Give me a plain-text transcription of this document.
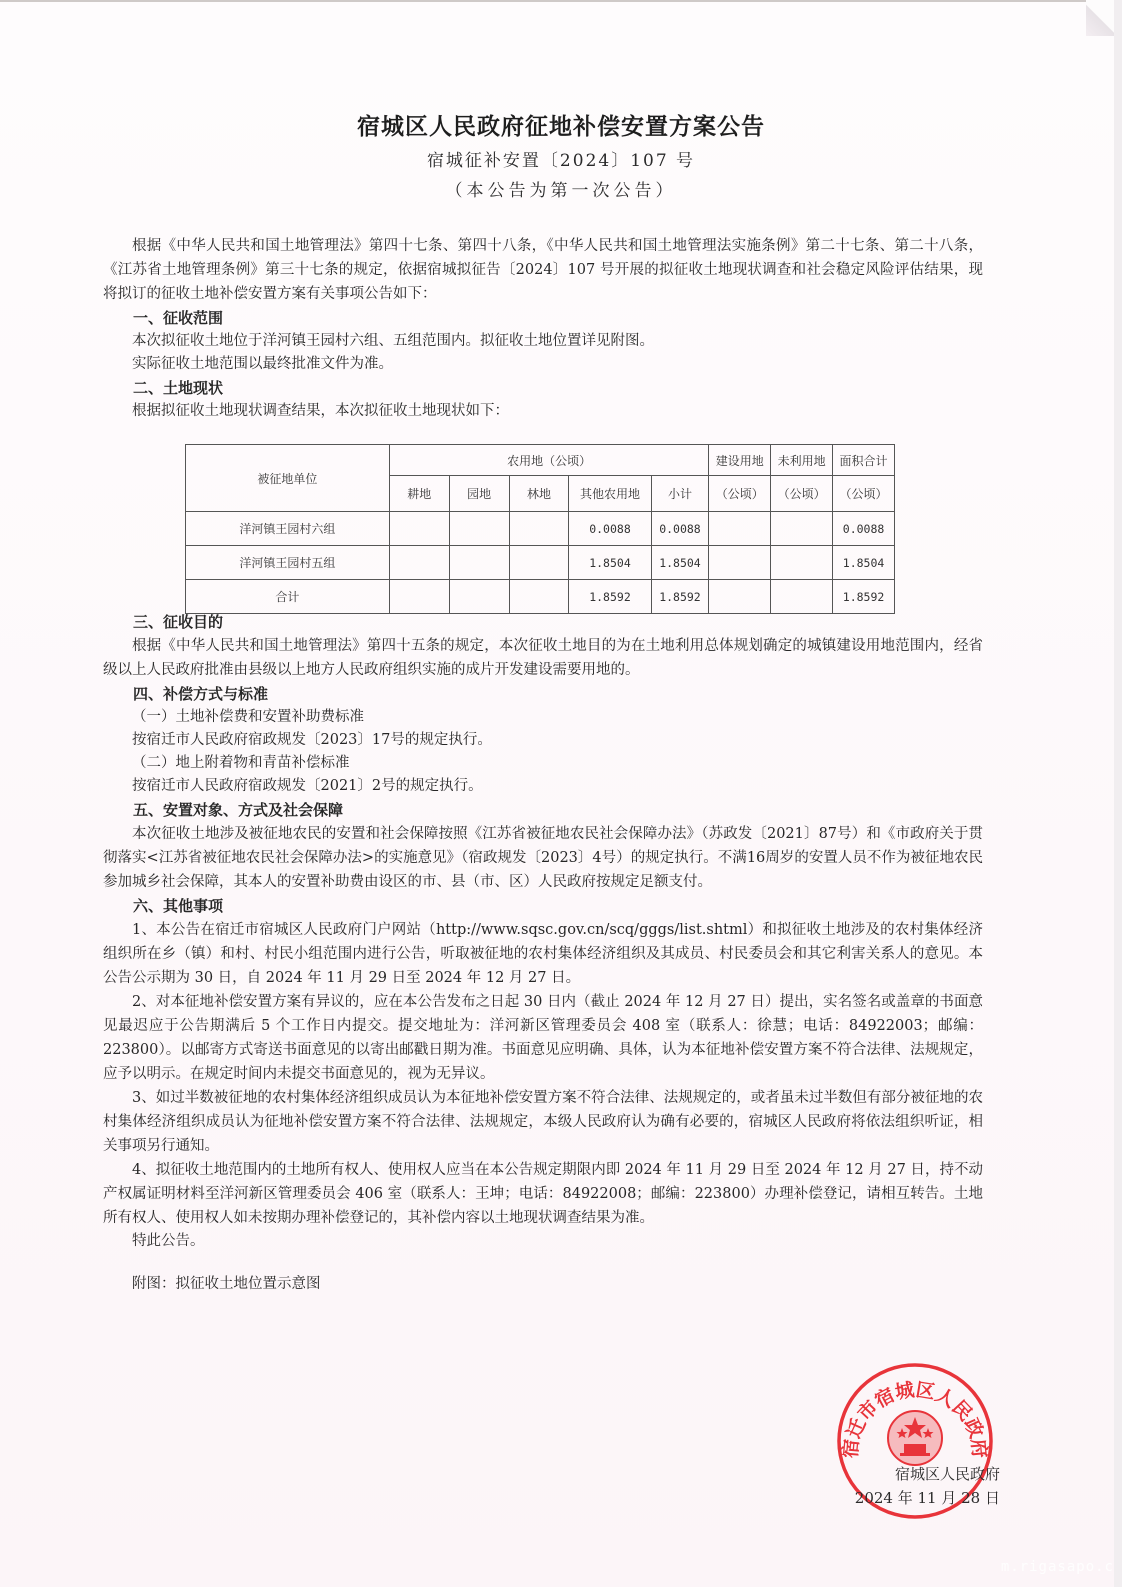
宿城区人民政府征地补偿安置方案公告
宿城征补安置〔2024〕107 号
（本公告为第一次公告）

根据《中华人民共和国土地管理法》第四十七条、第四十八条，《中华人民共和国土地管理法实施条例》第二十七条、第二十八条，《江苏省土地管理条例》第三十七条的规定，依据宿城拟征告〔2024〕107 号开展的拟征收土地现状调查和社会稳定风险评估结果，现将拟订的征收土地补偿安置方案有关事项公告如下：

一、征收范围

本次拟征收土地位于洋河镇王园村六组、五组范围内。拟征收土地位置详见附图。

实际征收土地范围以最终批准文件为准。

二、土地现状

根据拟征收土地现状调查结果，本次拟征收土地现状如下：

被征地单位	农用地（公顷）					建设用地	未利用地	面积合计
	耕地	园地	林地	其他农用地	小计	（公顷）	（公顷）	（公顷）
洋河镇王园村六组				0.0088	0.0088			0.0088
洋河镇王园村五组				1.8504	1.8504			1.8504
合计				1.8592	1.8592			1.8592

三、征收目的

根据《中华人民共和国土地管理法》第四十五条的规定，本次征收土地目的为在土地利用总体规划确定的城镇建设用地范围内，经省级以上人民政府批准由县级以上地方人民政府组织实施的成片开发建设需要用地的。

四、补偿方式与标准

（一）土地补偿费和安置补助费标准

按宿迁市人民政府宿政规发〔2023〕17号的规定执行。

（二）地上附着物和青苗补偿标准

按宿迁市人民政府宿政规发〔2021〕2号的规定执行。

五、安置对象、方式及社会保障

本次征收土地涉及被征地农民的安置和社会保障按照《江苏省被征地农民社会保障办法》（苏政发〔2021〕87号）和《市政府关于贯彻落实<江苏省被征地农民社会保障办法>的实施意见》（宿政规发〔2023〕4号）的规定执行。不满16周岁的安置人员不作为被征地农民参加城乡社会保障，其本人的安置补助费由设区的市、县（市、区）人民政府按规定足额支付。

六、其他事项

1、本公告在宿迁市宿城区人民政府门户网站（http://www.sqsc.gov.cn/scq/gggs/list.shtml）和拟征收土地涉及的农村集体经济组织所在乡（镇）和村、村民小组范围内进行公告，听取被征地的农村集体经济组织及其成员、村民委员会和其它利害关系人的意见。本公告公示期为 30 日，自 2024 年 11 月 29 日至 2024 年 12 月 27 日。

2、对本征地补偿安置方案有异议的，应在本公告发布之日起 30 日内（截止 2024 年 12 月 27 日）提出，实名签名或盖章的书面意见最迟应于公告期满后 5 个工作日内提交。提交地址为：洋河新区管理委员会 408 室（联系人：徐慧；电话：84922003；邮编：223800）。以邮寄方式寄送书面意见的以寄出邮戳日期为准。书面意见应明确、具体，认为本征地补偿安置方案不符合法律、法规规定，应予以明示。在规定时间内未提交书面意见的，视为无异议。

3、如过半数被征地的农村集体经济组织成员认为本征地补偿安置方案不符合法律、法规规定的，或者虽未过半数但有部分被征地的农村集体经济组织成员认为征地补偿安置方案不符合法律、法规规定，本级人民政府认为确有必要的，宿城区人民政府将依法组织听证，相关事项另行通知。

4、拟征收土地范围内的土地所有权人、使用权人应当在本公告规定期限内即 2024 年 11 月 29 日至 2024 年 12 月 27 日，持不动产权属证明材料至洋河新区管理委员会 406 室（联系人：王坤；电话：84922008；邮编：223800）办理补偿登记，请相互转告。土地所有权人、使用权人如未按期办理补偿登记的，其补偿内容以土地现状调查结果为准。

特此公告。

附图：拟征收土地位置示意图

宿迁市宿城区人民政府
宿城区人民政府
2024 年 11 月 28 日
m.rigasapo.c
